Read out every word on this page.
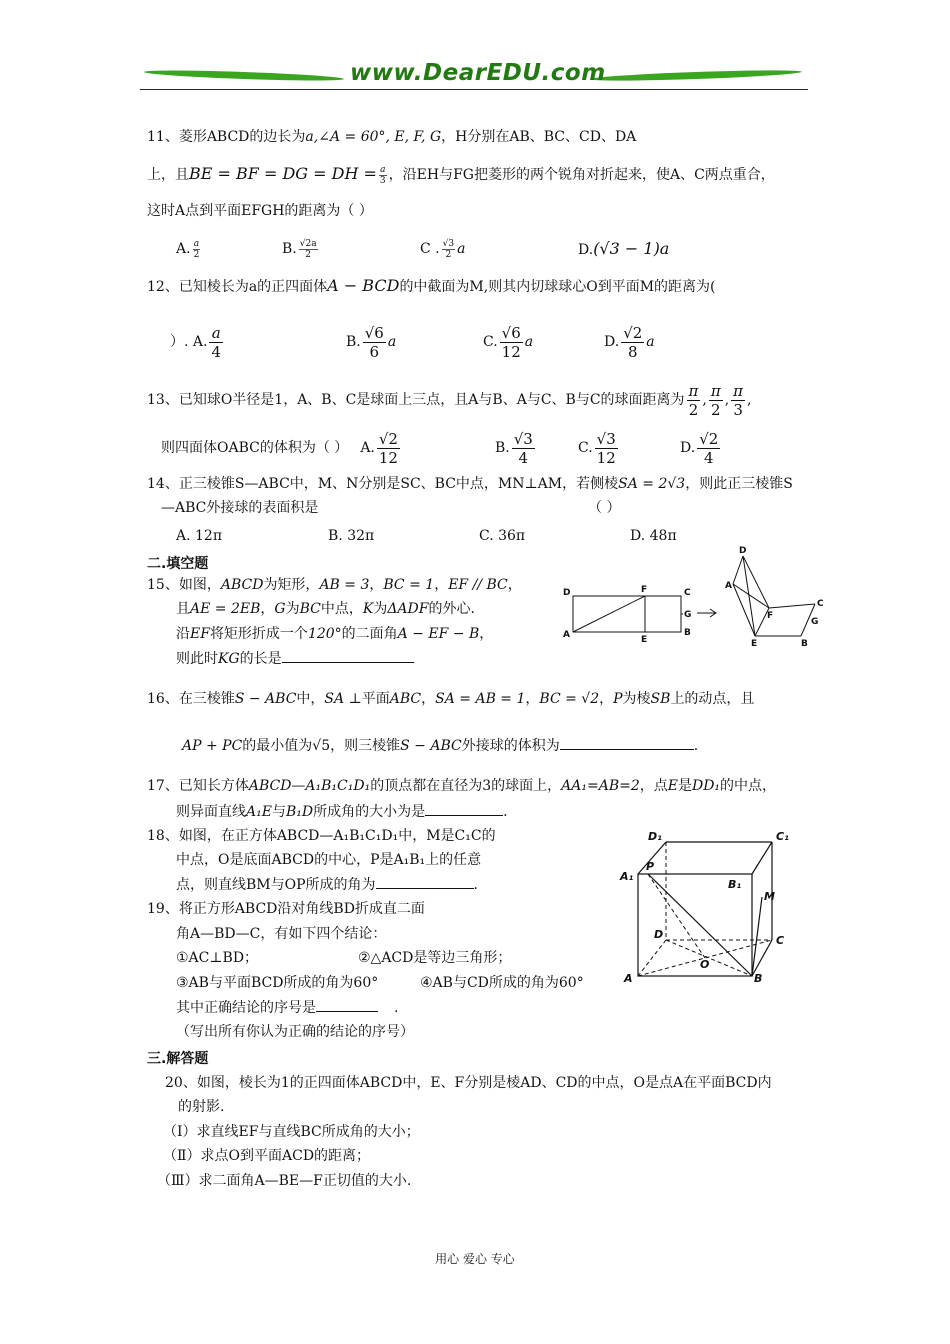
www.DearEDU.com
11、菱形ABCD的边长为a,∠A = 60°, E, F, G，H分别在AB、BC、CD、DA
上，且BE = BF = DG = DH = $\frac{a}{3}$ ，沿EH与FG把菱形的两个锐角对折起来，使A、C两点重合，
这时A点到平面EFGH的距离为（ ）
A. $\frac{a}{2}$	B. $\frac{√2a}{2}$	C . $\frac{√3}{2}$ a	D.(√3 − 1)a
12、已知棱长为a的正四面体A − BCD的中截面为M,则其内切球球心O到平面M的距离为(
）. A. $\frac{a}{4}$	B. $\frac{√6}{6}$ a	C. $\frac{√6}{12}$ a	D. $\frac{√2}{8}$ a
13、已知球O半径是1，A、B、C是球面上三点，且A与B、A与C、B与C的球面距离为 $\frac{\pi}{2}$ , $\frac{\pi}{2}$ , $\frac{\pi}{3}$ ,
则四面体OABC的体积为（ ） A. $\frac{√2}{12}$	B. $\frac{√3}{4}$	C. $\frac{√3}{12}$	D. $\frac{√2}{4}$
14、正三棱锥S—ABC中，M、N分别是SC、BC中点，MN⊥AM，若侧棱SA = 2√3，则此正三棱锥S
—ABC外接球的表面积是	（ ）
A. 12π	B. 32π	C. 36π	D. 48π
二.填空题
15、如图，ABCD为矩形，AB = 3，BC = 1，EF // BC，
且AE = 2EB，G为BC中点，K为ΔADF的外心.
沿EF将矩形折成一个120°的二面角A − EF − B，
则此时KG的长是
D	F	C
G
A	E
B
D
A
F
C
G
E	B
16、在三棱锥S − ABC中，SA ⊥平面ABC，SA = AB = 1，BC = √2，P为棱SB上的动点，且
AP + PC的最小值为√5，则三棱锥S − ABC外接球的体积为	.
17、已知长方体ABCD—A₁B₁C₁D₁的顶点都在直径为3的球面上，AA₁=AB=2，点E是DD₁的中点，
则异面直线A₁E与B₁D所成角的大小为是	.
18、如图，在正方体ABCD—A₁B₁C₁D₁中，M是C₁C的
中点，O是底面ABCD的中心，P是A₁B₁上的任意
点，则直线BM与OP所成的角为	.
D₁	C₁
A₁
P
B₁
M
D	C
O
A	B
19、将正方形ABCD沿对角线BD折成直二面
角A—BD—C，有如下四个结论：
①AC⊥BD；	②△ACD是等边三角形；
③AB与平面BCD所成的角为60°	④AB与CD所成的角为60°
其中正确结论的序号是	.
（写出所有你认为正确的结论的序号）
三.解答题
20、如图，棱长为1的正四面体ABCD中，E、F分别是棱AD、CD的中点，O是点A在平面BCD内
的射影.
（Ⅰ）求直线EF与直线BC所成角的大小；
（Ⅱ）求点O到平面ACD的距离；
（Ⅲ）求二面角A—BE—F正切值的大小.
用心 爱心 专心
